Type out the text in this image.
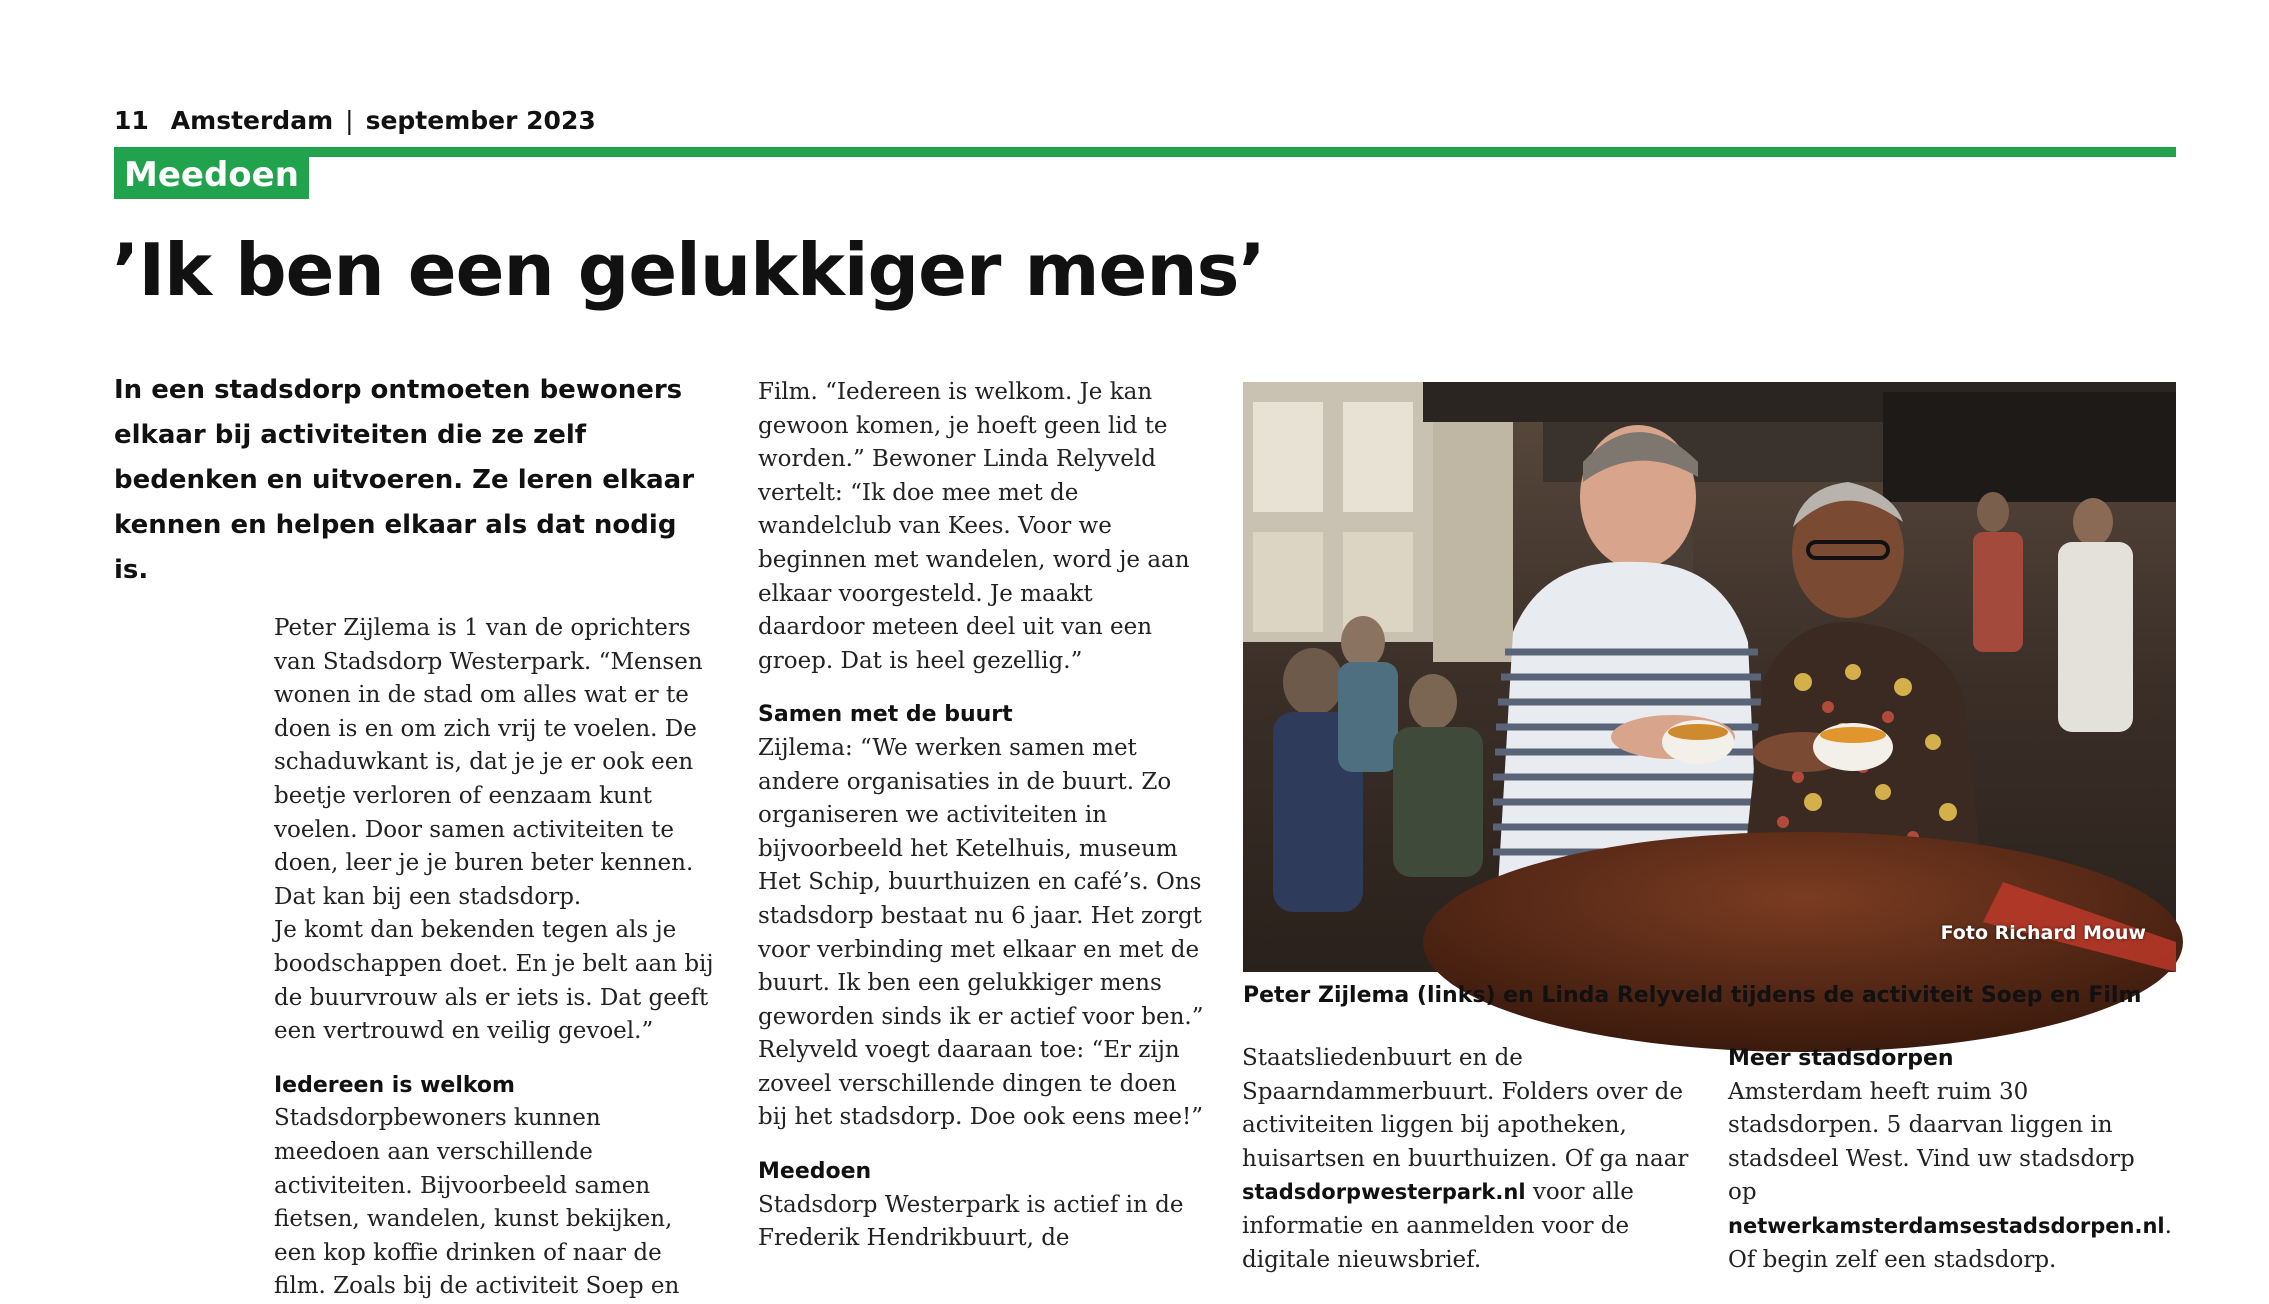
11 Amsterdam | september 2023
Meedoen
’Ik ben een gelukkiger mens’
In een stadsdorp ontmoeten bewoners elkaar bij activiteiten die ze zelf bedenken en uitvoeren. Ze leren elkaar kennen en helpen elkaar als dat nodig is.

Peter Zijlema is 1 van de oprichters van Stadsdorp Westerpark. “Mensen wonen in de stad om alles wat er te doen is en om zich vrij te voelen. De schaduwkant is, dat je je er ook een beetje verloren of eenzaam kunt voelen. Door samen activiteiten te doen, leer je je buren beter kennen. Dat kan bij een stadsdorp.

Je komt dan bekenden tegen als je boodschappen doet. En je belt aan bij de buurvrouw als er iets is. Dat geeft een vertrouwd en veilig gevoel.”

Iedereen is welkom

Stadsdorpbewoners kunnen meedoen aan verschillende activiteiten. Bijvoorbeeld samen fietsen, wandelen, kunst bekijken, een kop koffie drinken of naar de film. Zoals bij de activiteit Soep en

Film. “Iedereen is welkom. Je kan gewoon komen, je hoeft geen lid te worden.” Bewoner Linda Relyveld vertelt: “Ik doe mee met de wandelclub van Kees. Voor we beginnen met wandelen, word je aan elkaar voorgesteld. Je maakt daardoor meteen deel uit van een groep. Dat is heel gezellig.”

Samen met de buurt

Zijlema: “We werken samen met andere organisaties in de buurt. Zo organiseren we activiteiten in bijvoorbeeld het Ketelhuis, museum Het Schip, buurthuizen en café’s. Ons stadsdorp bestaat nu 6 jaar. Het zorgt voor verbinding met elkaar en met de buurt. Ik ben een gelukkiger mens geworden sinds ik er actief voor ben.” Relyveld voegt daaraan toe: “Er zijn zoveel verschillende dingen te doen bij het stadsdorp. Doe ook eens mee!”

Meedoen

Stadsdorp Westerpark is actief in de Frederik Hendrikbuurt, de

Foto Richard Mouw
Peter Zijlema (links) en Linda Relyveld tijdens de activiteit Soep en Film

Staatsliedenbuurt en de Spaarndammerbuurt. Folders over de activiteiten liggen bij apotheken, huisartsen en buurthuizen. Of ga naar stadsdorpwesterpark.nl voor alle informatie en aanmelden voor de digitale nieuwsbrief.

Meer stadsdorpen

Amsterdam heeft ruim 30 stadsdorpen. 5 daarvan liggen in stadsdeel West. Vind uw stadsdorp op netwerkamsterdamsestadsdorpen.nl. Of begin zelf een stadsdorp.
